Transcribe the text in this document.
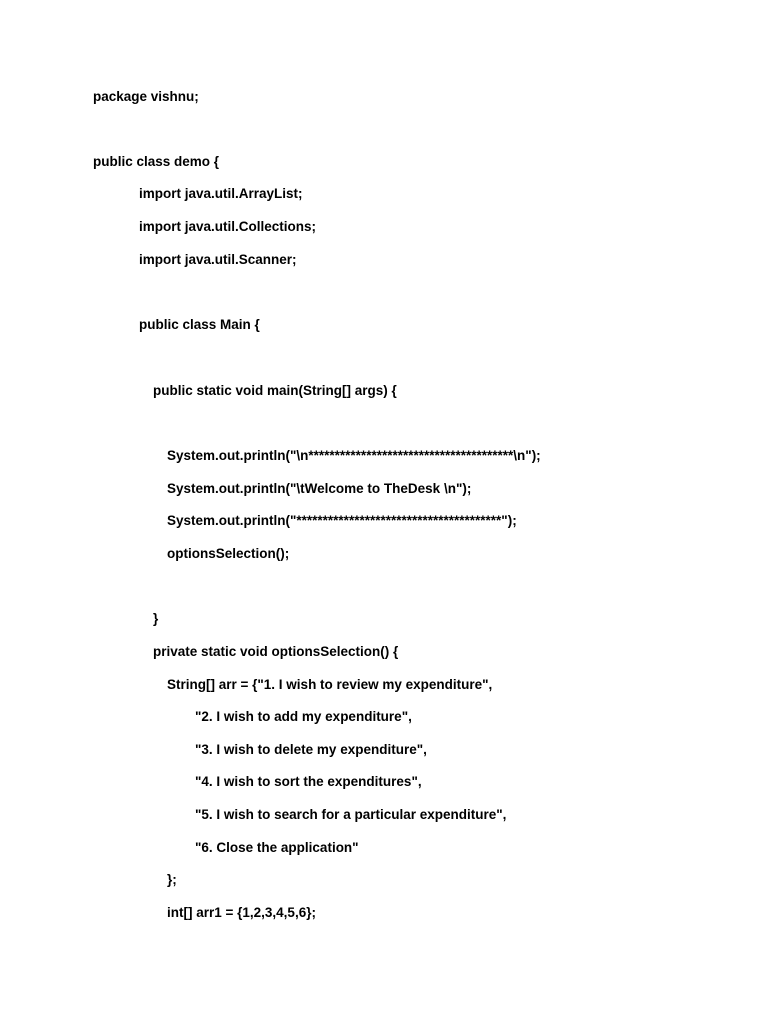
package vishnu;
public class demo {
import java.util.ArrayList;
import java.util.Collections;
import java.util.Scanner;
public class Main {
public static void main(String[] args) {
System.out.println("\n***************************************\n");
System.out.println("\tWelcome to TheDesk \n");
System.out.println("***************************************");
optionsSelection();
}
private static void optionsSelection() {
String[] arr = {"1. I wish to review my expenditure",
"2. I wish to add my expenditure",
"3. I wish to delete my expenditure",
"4. I wish to sort the expenditures",
"5. I wish to search for a particular expenditure",
"6. Close the application"
};
int[] arr1 = {1,2,3,4,5,6};
